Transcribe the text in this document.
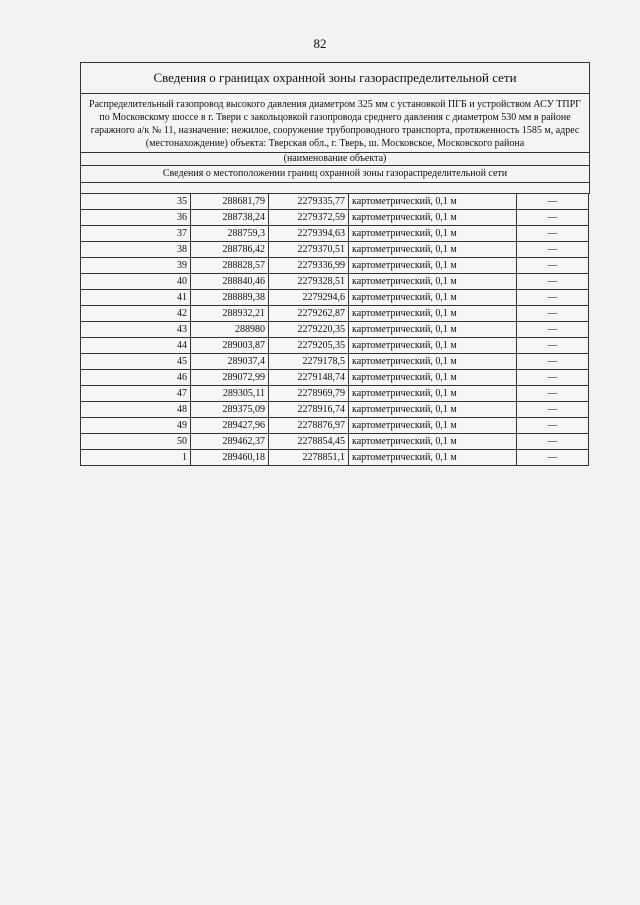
82
Сведения о границах охранной зоны газораспределительной сети
Распределительный газопровод высокого давления диаметром 325 мм с установкой ПГБ и устройством АСУ ТПРГ по Московскому шоссе в г. Твери с закольцовкой газопровода среднего давления с диаметром 530 мм в районе гаражного а/к № 11, назначение: нежилое, сооружение трубопроводного транспорта, протяженность 1585 м, адрес (местонахождение) объекта: Тверская обл., г. Тверь, ш. Московское, Московского района
(наименование объекта)
Сведения о местоположении границ охранной зоны газораспределительной сети
35	288681,79	2279335,77	картометрический, 0,1 м	—
36	288738,24	2279372,59	картометрический, 0,1 м	—
37	288759,3	2279394,63	картометрический, 0,1 м	—
38	288786,42	2279370,51	картометрический, 0,1 м	—
39	288828,57	2279336,99	картометрический, 0,1 м	—
40	288840,46	2279328,51	картометрический, 0,1 м	—
41	288889,38	2279294,6	картометрический, 0,1 м	—
42	288932,21	2279262,87	картометрический, 0,1 м	—
43	288980	2279220,35	картометрический, 0,1 м	—
44	289003,87	2279205,35	картометрический, 0,1 м	—
45	289037,4	2279178,5	картометрический, 0,1 м	—
46	289072,99	2279148,74	картометрический, 0,1 м	—
47	289305,11	2278969,79	картометрический, 0,1 м	—
48	289375,09	2278916,74	картометрический, 0,1 м	—
49	289427,96	2278876,97	картометрический, 0,1 м	—
50	289462,37	2278854,45	картометрический, 0,1 м	—
1	289460,18	2278851,1	картометрический, 0,1 м	—
